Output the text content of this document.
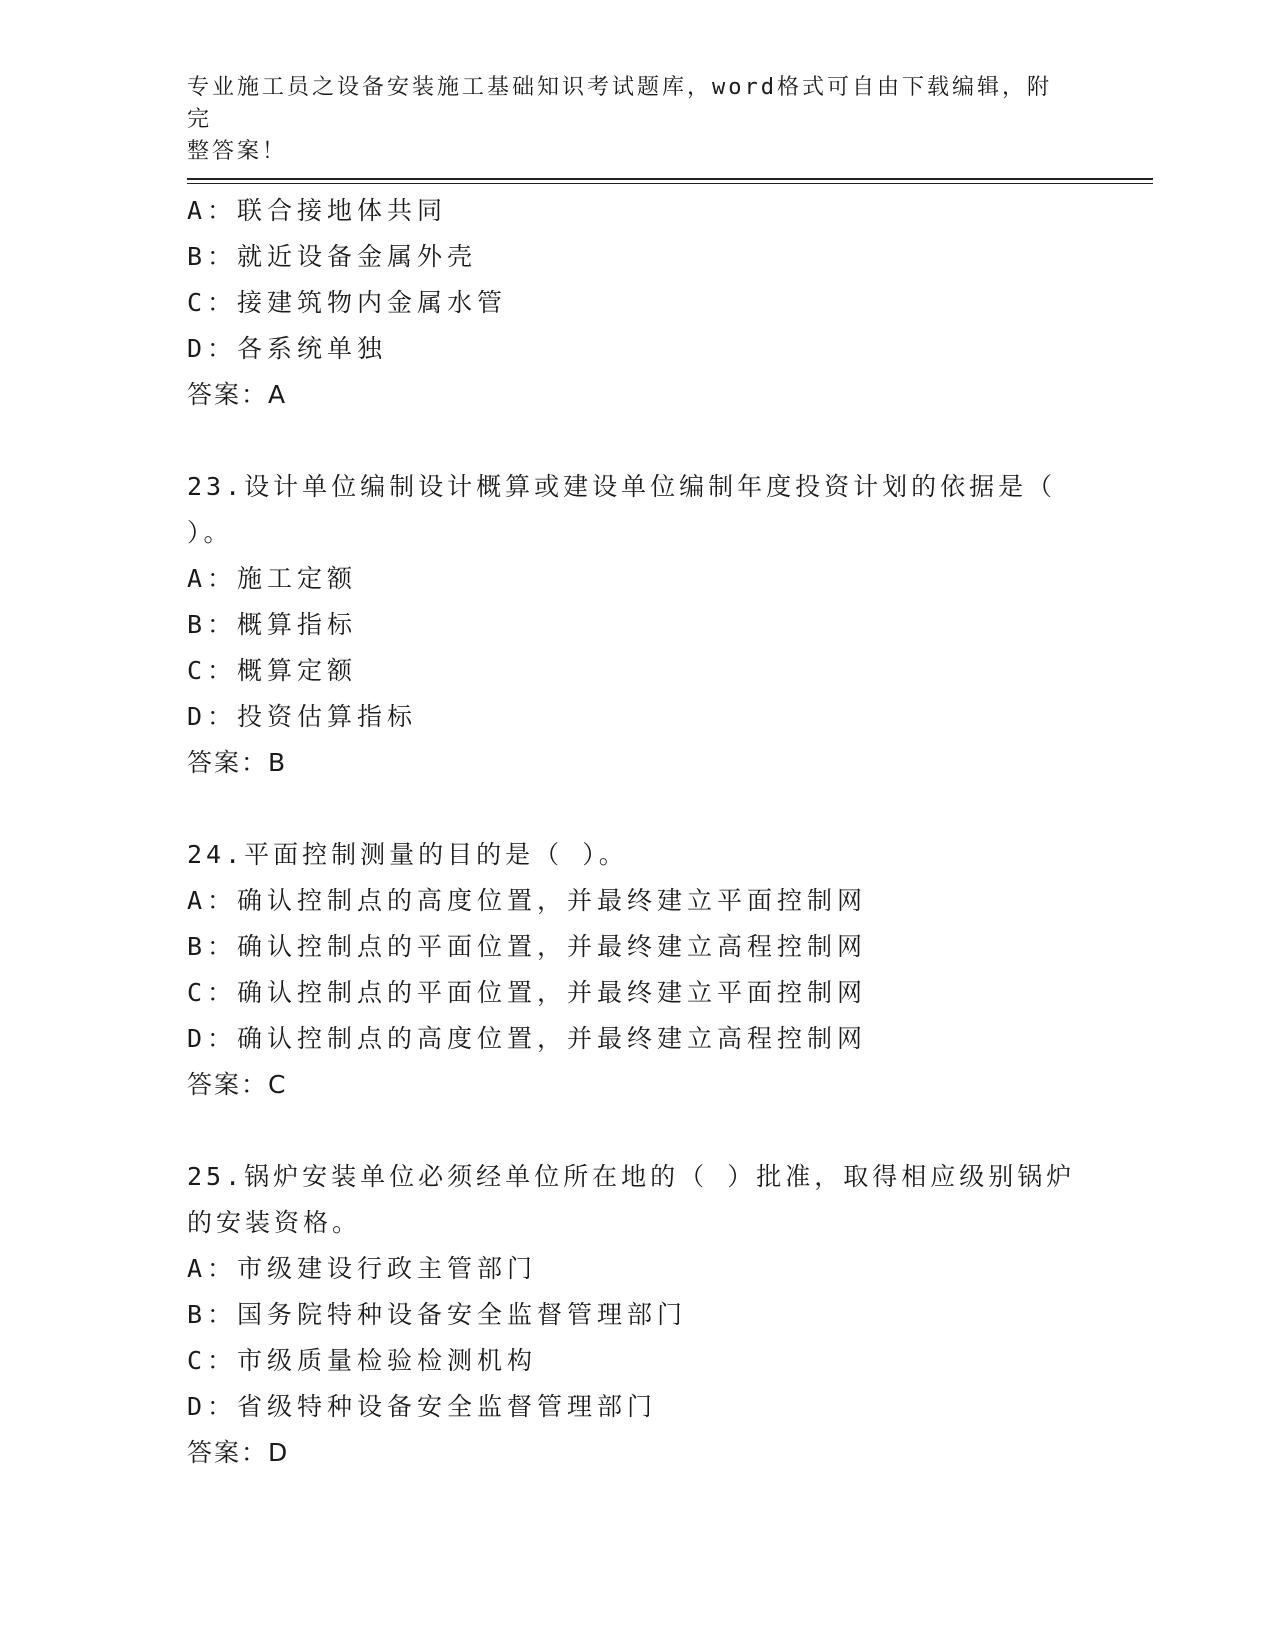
专业施工员之设备安装施工基础知识考试题库，word格式可自由下载编辑，附完
整答案！
A：联合接地体共同
B：就近设备金属外壳
C：接建筑物内金属水管
D：各系统单独
答案：A
23.设计单位编制设计概算或建设单位编制年度投资计划的依据是（
）。
A：施工定额
B：概算指标
C：概算定额
D：投资估算指标
答案：B
24.平面控制测量的目的是（ ）。
A：确认控制点的高度位置，并最终建立平面控制网
B：确认控制点的平面位置，并最终建立高程控制网
C：确认控制点的平面位置，并最终建立平面控制网
D：确认控制点的高度位置，并最终建立高程控制网
答案：C
25.锅炉安装单位必须经单位所在地的（ ）批准，取得相应级别锅炉
的安装资格。
A：市级建设行政主管部门
B：国务院特种设备安全监督管理部门
C：市级质量检验检测机构
D：省级特种设备安全监督管理部门
答案：D
